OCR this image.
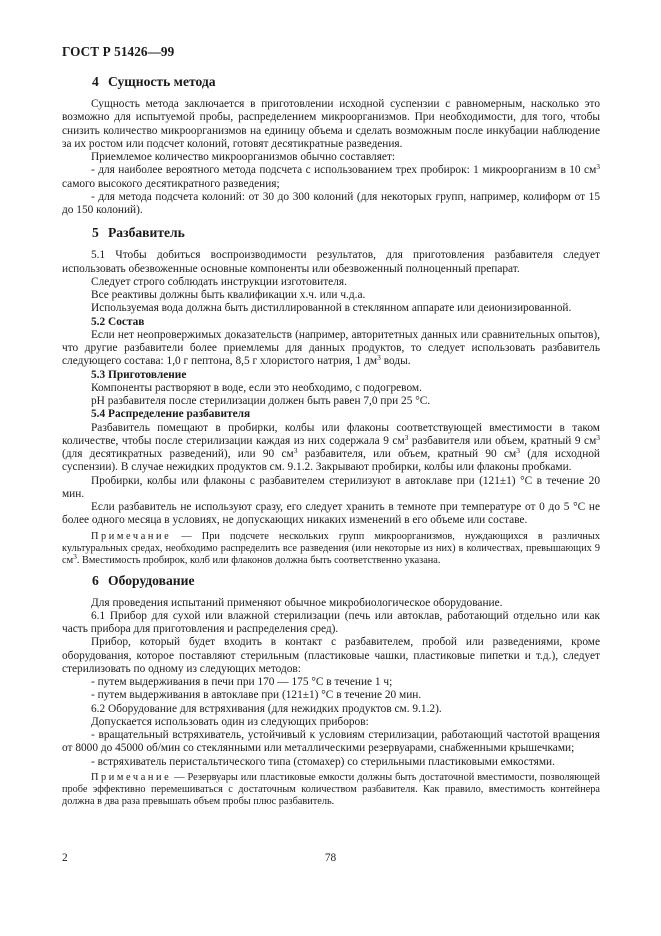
ГОСТ Р 51426—99
4 Сущность метода

Сущность метода заключается в приготовлении исходной суспензии с равномерным, насколько это возможно для испытуемой пробы, распределением микроорганизмов. При необходимости, для того, чтобы снизить количество микроорганизмов на единицу объема и сделать возможным после инкубации наблюдение за их ростом или подсчет колоний, готовят десятикратные разведения.

Приемлемое количество микроорганизмов обычно составляет:

- для наиболее вероятного метода подсчета с использованием трех пробирок: 1 микроорганизм в 10 $см^3$ самого высокого десятикратного разведения;

- для метода подсчета колоний: от 30 до 300 колоний (для некоторых групп, например, колиформ от 15 до 150 колоний).

5 Разбавитель

5.1 Чтобы добиться воспроизводимости результатов, для приготовления разбавителя следует использовать обезвоженные основные компоненты или обезвоженный полноценный препарат.

Следует строго соблюдать инструкции изготовителя.

Все реактивы должны быть квалификации х.ч. или ч.д.а.

Используемая вода должна быть дистиллированной в стеклянном аппарате или деионизированной.

5.2 Состав

Если нет неопровержимых доказательств (например, авторитетных данных или сравнительных опытов), что другие разбавители более приемлемы для данных продуктов, то следует использовать разбавитель следующего состава: 1,0 г пептона, 8,5 г хлористого натрия, 1 $дм^3$ воды.

5.3 Приготовление

Компоненты растворяют в воде, если это необходимо, с подогревом.

pH разбавителя после стерилизации должен быть равен 7,0 при 25 °С.

5.4 Распределение разбавителя

Разбавитель помещают в пробирки, колбы или флаконы соответствующей вместимости в таком количестве, чтобы после стерилизации каждая из них содержала 9 $см^3$ разбавителя или объем, кратный 9 $см^3$ (для десятикратных разведений), или 90 $см^3$ разбавителя, или объем, кратный 90 $см^3$ (для исходной суспензии). В случае нежидких продуктов см. 9.1.2. Закрывают пробирки, колбы или флаконы пробками.

Пробирки, колбы или флаконы с разбавителем стерилизуют в автоклаве при (121±1) °С в течение 20 мин.

Если разбавитель не используют сразу, его следует хранить в темноте при температуре от 0 до 5 °С не более одного месяца в условиях, не допускающих никаких изменений в его объеме или составе.

Примечание — При подсчете нескольких групп микроорганизмов, нуждающихся в различных культуральных средах, необходимо распределить все разведения (или некоторые из них) в количествах, превышающих 9 $см^3$. Вместимость пробирок, колб или флаконов должна быть соответственно указана.

6 Оборудование

Для проведения испытаний применяют обычное микробиологическое оборудование.

6.1 Прибор для сухой или влажной стерилизации (печь или автоклав, работающий отдельно или как часть прибора для приготовления и распределения сред).

Прибор, который будет входить в контакт с разбавителем, пробой или разведениями, кроме оборудования, которое поставляют стерильным (пластиковые чашки, пластиковые пипетки и т.д.), следует стерилизовать по одному из следующих методов:

- путем выдерживания в печи при 170 — 175 °С в течение 1 ч;

- путем выдерживания в автоклаве при (121±1) °С в течение 20 мин.

6.2 Оборудование для встряхивания (для нежидких продуктов см. 9.1.2).

Допускается использовать один из следующих приборов:

- вращательный встряхиватель, устойчивый к условиям стерилизации, работающий частотой вращения от 8000 до 45000 об/мин со стеклянными или металлическими резервуарами, снабженными крышечками;

- встряхиватель перистальтического типа (стомахер) со стерильными пластиковыми емкостями.

Примечание — Резервуары или пластиковые емкости должны быть достаточной вместимости, позволяющей пробе эффективно перемешиваться с достаточным количеством разбавителя. Как правило, вместимость контейнера должна в два раза превышать объем пробы плюс разбавитель.

2	78
